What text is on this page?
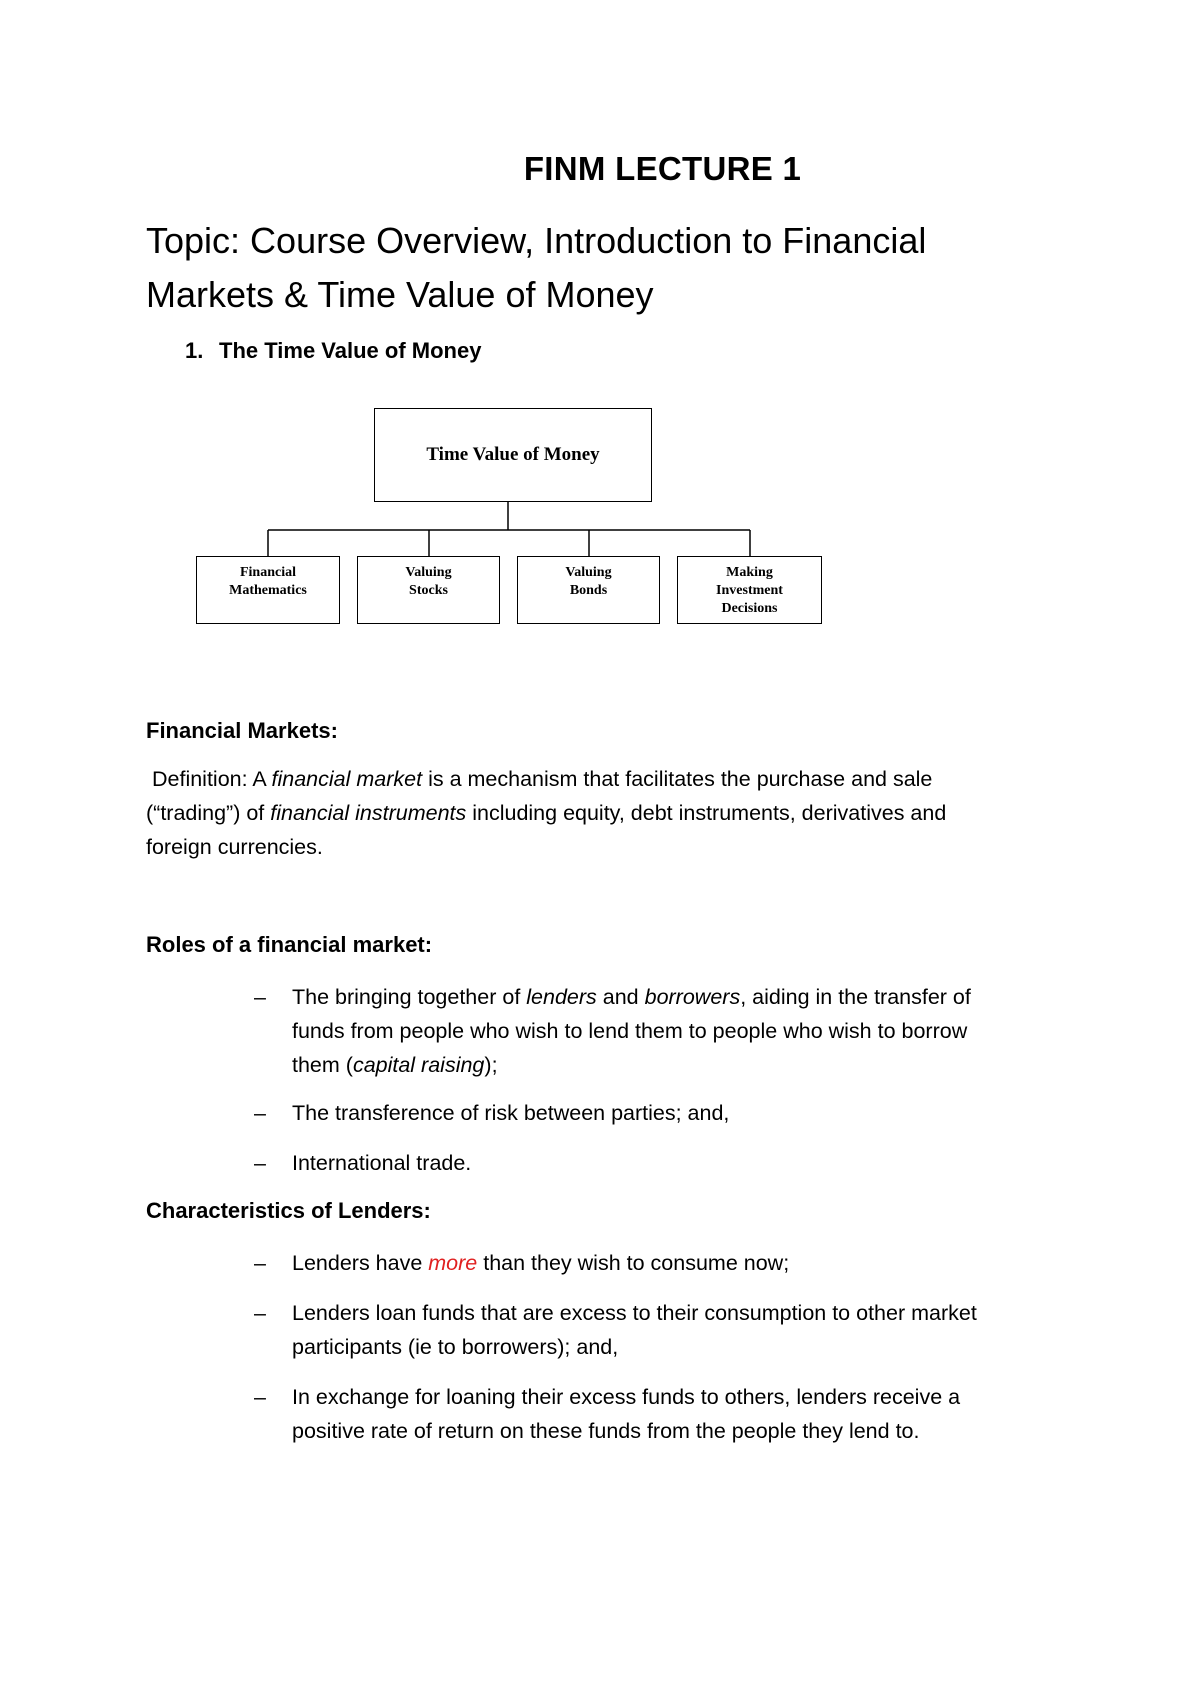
FINM LECTURE 1
Topic: Course Overview, Introduction to Financial
Markets & Time Value of Money
1. The Time Value of Money
Time Value of Money
Financial
Mathematics
Valuing
Stocks
Valuing
Bonds
Making
Investment
Decisions
Financial Markets:
Definition: A financial market is a mechanism that facilitates the purchase and sale
(“trading”) of financial instruments including equity, debt instruments, derivatives and
foreign currencies.
Roles of a financial market:
– The bringing together of lenders and borrowers, aiding in the transfer of
funds from people who wish to lend them to people who wish to borrow
them (capital raising);
– The transference of risk between parties; and,
– International trade.
Characteristics of Lenders:
– Lenders have more than they wish to consume now;
– Lenders loan funds that are excess to their consumption to other market
participants (ie to borrowers); and,
– In exchange for loaning their excess funds to others, lenders receive a
positive rate of return on these funds from the people they lend to.
